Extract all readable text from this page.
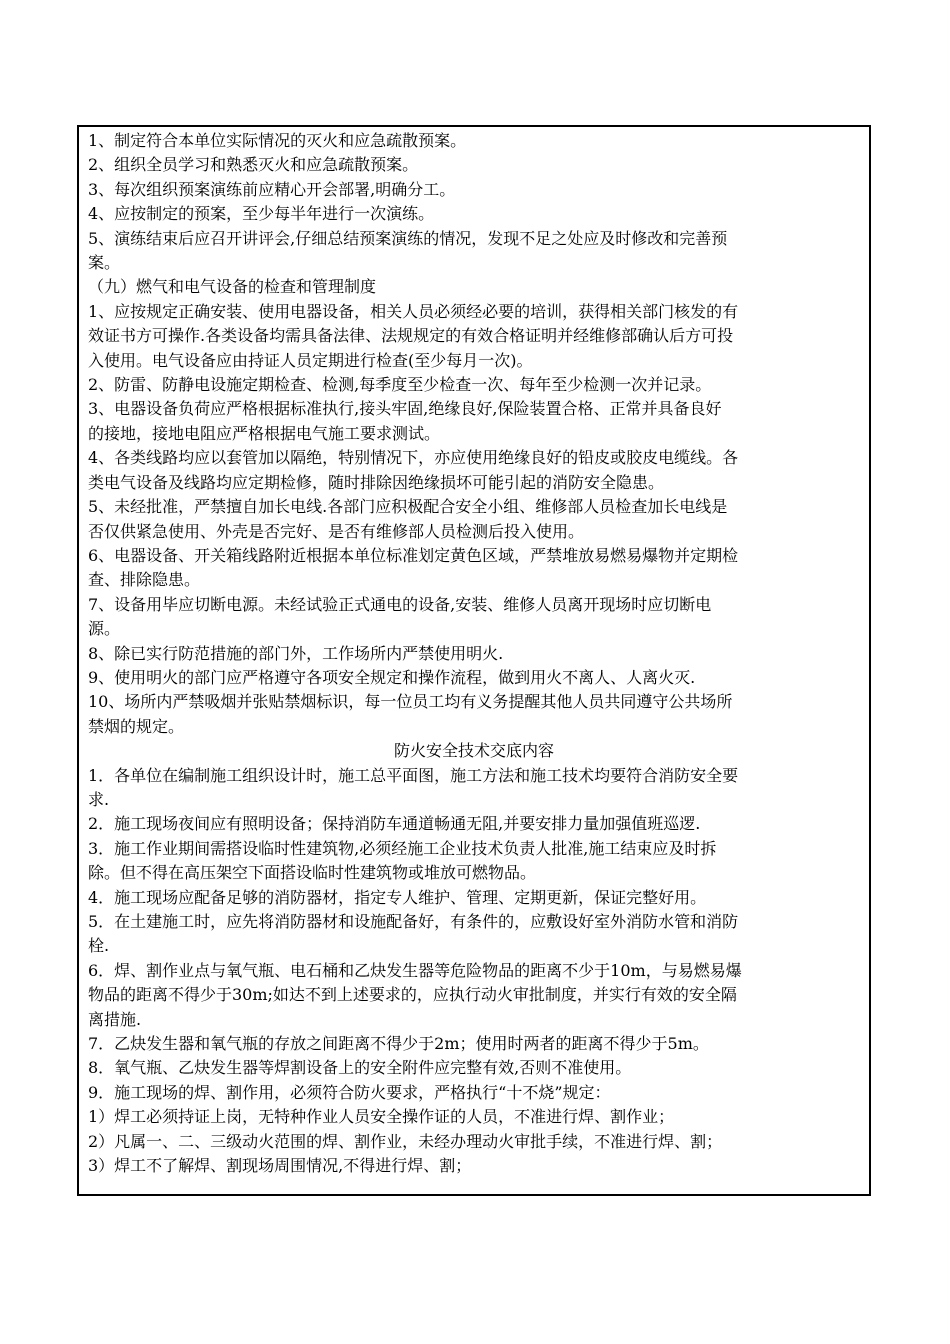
1、制定符合本单位实际情况的灭火和应急疏散预案。
2、组织全员学习和熟悉灭火和应急疏散预案。
3、每次组织预案演练前应精心开会部署,明确分工。
4、应按制定的预案，至少每半年进行一次演练。
5、演练结束后应召开讲评会,仔细总结预案演练的情况，发现不足之处应及时修改和完善预
案。
（九）燃气和电气设备的检查和管理制度
1、应按规定正确安装、使用电器设备，相关人员必须经必要的培训，获得相关部门核发的有
效证书方可操作.各类设备均需具备法律、法规规定的有效合格证明并经维修部确认后方可投
入使用。电气设备应由持证人员定期进行检查(至少每月一次)。
2、防雷、防静电设施定期检查、检测,每季度至少检查一次、每年至少检测一次并记录。
3、电器设备负荷应严格根据标准执行,接头牢固,绝缘良好,保险装置合格、正常并具备良好
的接地，接地电阻应严格根据电气施工要求测试。
4、各类线路均应以套管加以隔绝，特别情况下，亦应使用绝缘良好的铅皮或胶皮电缆线。各
类电气设备及线路均应定期检修，随时排除因绝缘损坏可能引起的消防安全隐患。
5、未经批准，严禁擅自加长电线.各部门应积极配合安全小组、维修部人员检查加长电线是
否仅供紧急使用、外壳是否完好、是否有维修部人员检测后投入使用。
6、电器设备、开关箱线路附近根据本单位标准划定黄色区域，严禁堆放易燃易爆物并定期检
查、排除隐患。
7、设备用毕应切断电源。未经试验正式通电的设备,安装、维修人员离开现场时应切断电
源。
8、除已实行防范措施的部门外，工作场所内严禁使用明火.
9、使用明火的部门应严格遵守各项安全规定和操作流程，做到用火不离人、人离火灭.
10、场所内严禁吸烟并张贴禁烟标识，每一位员工均有义务提醒其他人员共同遵守公共场所
禁烟的规定。
防火安全技术交底内容
1．各单位在编制施工组织设计时，施工总平面图，施工方法和施工技术均要符合消防安全要
求.
2．施工现场夜间应有照明设备；保持消防车通道畅通无阻,并要安排力量加强值班巡逻.
3．施工作业期间需搭设临时性建筑物,必须经施工企业技术负责人批准,施工结束应及时拆
除。但不得在高压架空下面搭设临时性建筑物或堆放可燃物品。
4．施工现场应配备足够的消防器材，指定专人维护、管理、定期更新，保证完整好用。
5．在土建施工时，应先将消防器材和设施配备好，有条件的，应敷设好室外消防水管和消防
栓.
6．焊、割作业点与氧气瓶、电石桶和乙炔发生器等危险物品的距离不少于10m，与易燃易爆
物品的距离不得少于30m;如达不到上述要求的，应执行动火审批制度，并实行有效的安全隔
离措施.
7．乙炔发生器和氧气瓶的存放之间距离不得少于2m；使用时两者的距离不得少于5m。
8．氧气瓶、乙炔发生器等焊割设备上的安全附件应完整有效,否则不准使用。
9．施工现场的焊、割作用，必须符合防火要求，严格执行“十不烧”规定：
1）焊工必须持证上岗，无特种作业人员安全操作证的人员，不准进行焊、割作业；
2）凡属一、二、三级动火范围的焊、割作业，未经办理动火审批手续，不准进行焊、割；
3）焊工不了解焊、割现场周围情况,不得进行焊、割；
